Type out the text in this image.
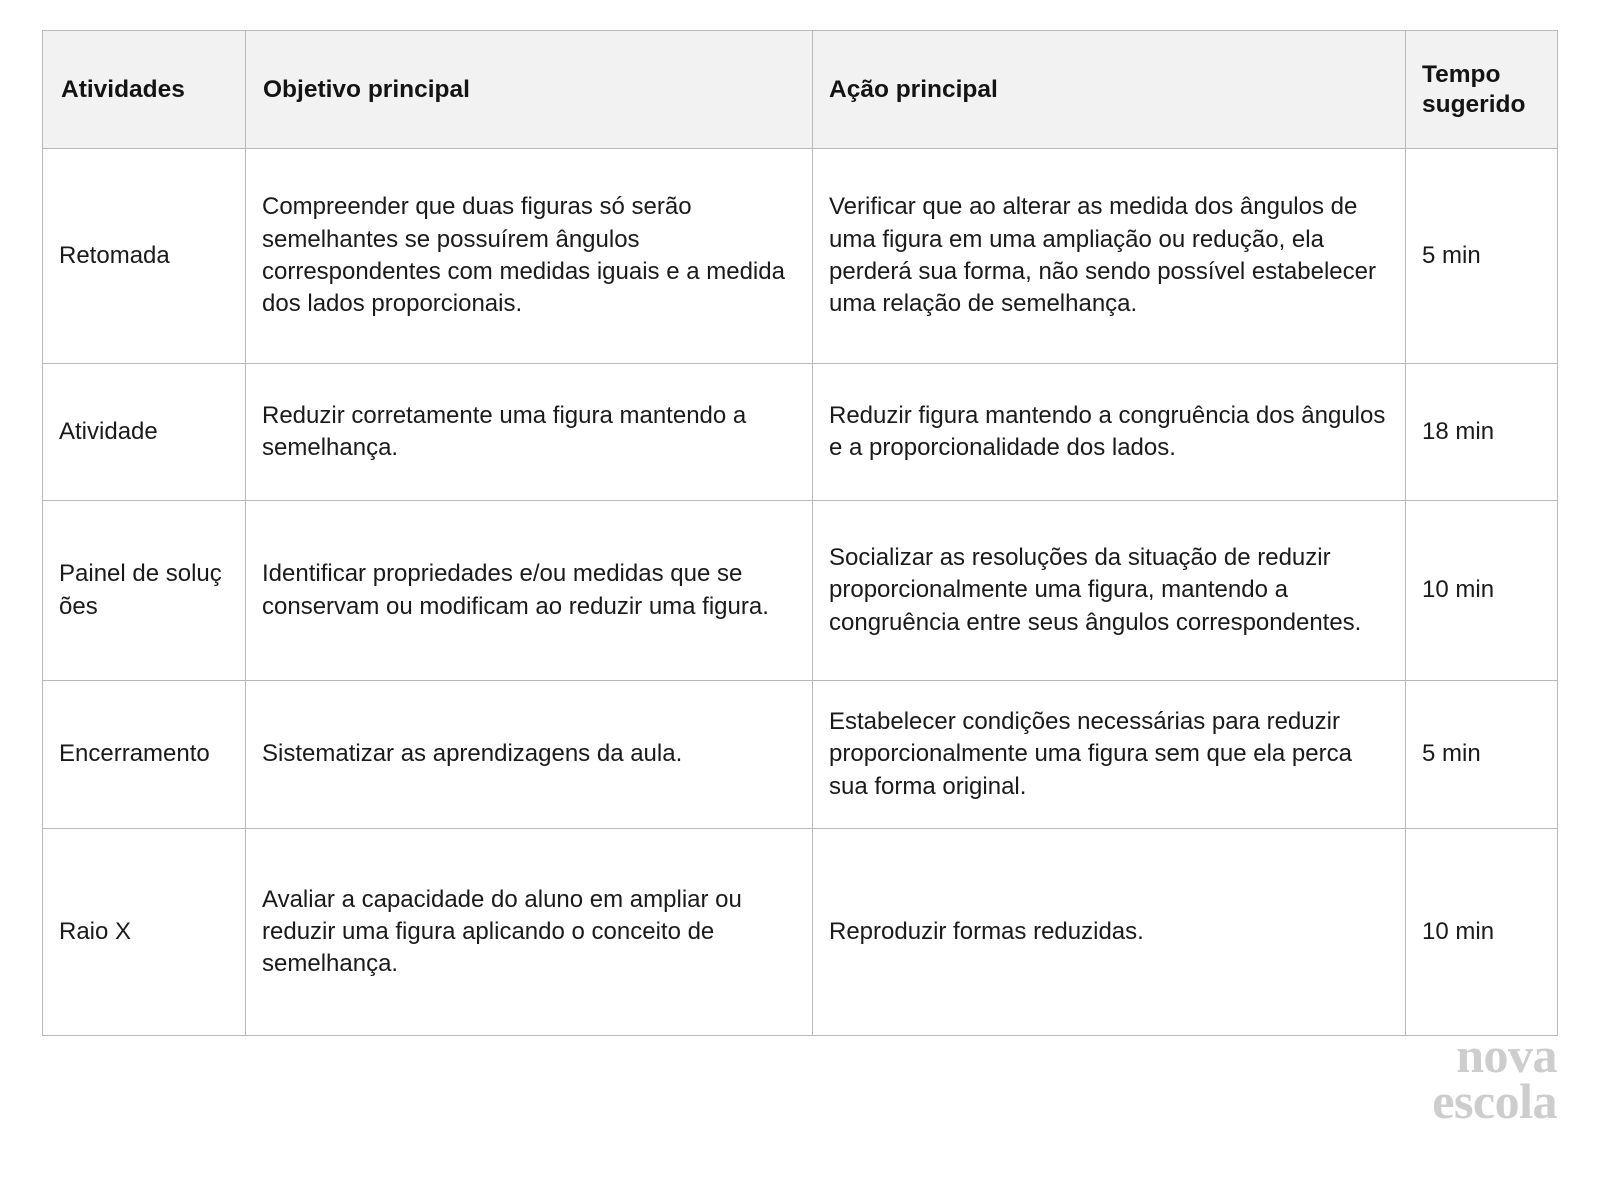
Atividades	Objetivo principal	Ação principal	Tempo sugerido
Retomada	Compreender que duas figuras só serão semelhantes se possuírem ângulos correspondentes com medidas iguais e a medida dos lados proporcionais.	Verificar que ao alterar as medida dos ângulos de uma figura em uma ampliação ou redução, ela perderá sua forma, não sendo possível estabelecer uma relação de semelhança.	5 min
Atividade	Reduzir corretamente uma figura mantendo a semelhança.	Reduzir figura mantendo a congruência dos ângulos e a proporcionalidade dos lados.	18 min
Painel de soluções	Identificar propriedades e/ou medidas que se conservam ou modificam ao reduzir uma figura.	Socializar as resoluções da situação de reduzir proporcionalmente uma figura, mantendo a congruência entre seus ângulos correspondentes.	10 min
Encerramento	Sistematizar as aprendizagens da aula.	Estabelecer condições necessárias para reduzir proporcionalmente uma figura sem que ela perca sua forma original.	5 min
Raio X	Avaliar a capacidade do aluno em ampliar ou reduzir uma figura aplicando o conceito de semelhança.	Reproduzir formas reduzidas.	10 min
nova
escola
